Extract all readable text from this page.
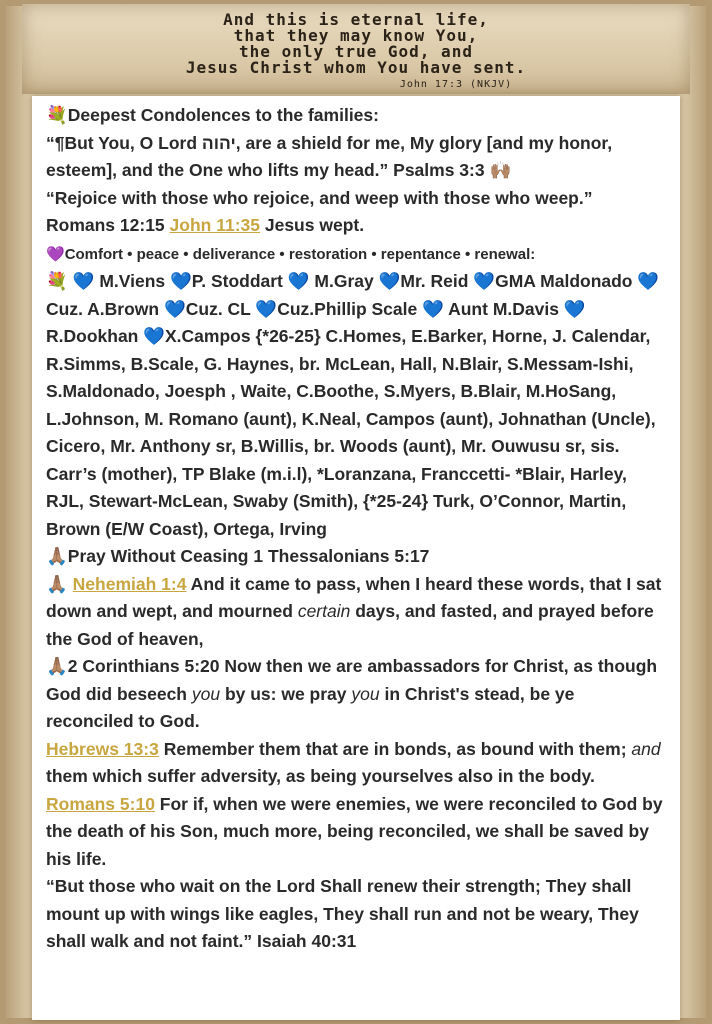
And this is eternal life,
that they may know You,
the only true God, and
Jesus Christ whom You have sent.
John 17:3 (NKJV)
💐Deepest Condolences to the families:
“¶But You, O Lord יהוה, are a shield for me, My glory [and my honor, esteem], and the One who lifts my head.” Psalms 3:3 🙌🏽
“Rejoice with those who rejoice, and weep with those who weep.” Romans 12:15 John 11:35 Jesus wept.
💜Comfort • peace • deliverance • restoration • repentance • renewal:
💐 💙 M.Viens 💙P. Stoddart 💙 M.Gray 💙Mr. Reid 💙GMA Maldonado 💙Cuz. A.Brown 💙Cuz. CL 💙Cuz.Phillip Scale 💙 Aunt M.Davis 💙 R.Dookhan 💙X.Campos {*26-25} C.Homes, E.Barker, Horne, J. Calendar, R.Simms, B.Scale, G. Haynes, br. McLean, Hall, N.Blair, S.Messam-Ishi, S.Maldonado, Joesph , Waite, C.Boothe, S.Myers, B.Blair, M.HoSang, L.Johnson, M. Romano (aunt), K.Neal, Campos (aunt), Johnathan (Uncle), Cicero, Mr. Anthony sr, B.Willis, br. Woods (aunt), Mr. Ouwusu sr, sis. Carr’s (mother), TP Blake (m.i.l), *Loranzana, Franccetti- *Blair, Harley, RJL, Stewart-McLean, Swaby (Smith), {*25-24} Turk, O’Connor, Martin, Brown (E/W Coast), Ortega, Irving
🙏🏽Pray Without Ceasing 1 Thessalonians 5:17
🙏🏽 Nehemiah 1:4 And it came to pass, when I heard these words, that I sat down and wept, and mourned certain days, and fasted, and prayed before the God of heaven,
🙏🏽2 Corinthians 5:20 Now then we are ambassadors for Christ, as though God did beseech you by us: we pray you in Christ's stead, be ye reconciled to God.
Hebrews 13:3 Remember them that are in bonds, as bound with them; and them which suffer adversity, as being yourselves also in the body.
Romans 5:10 For if, when we were enemies, we were reconciled to God by the death of his Son, much more, being reconciled, we shall be saved by his life.
“But those who wait on the Lord Shall renew their strength; They shall mount up with wings like eagles, They shall run and not be weary, They shall walk and not faint.” Isaiah 40:31
